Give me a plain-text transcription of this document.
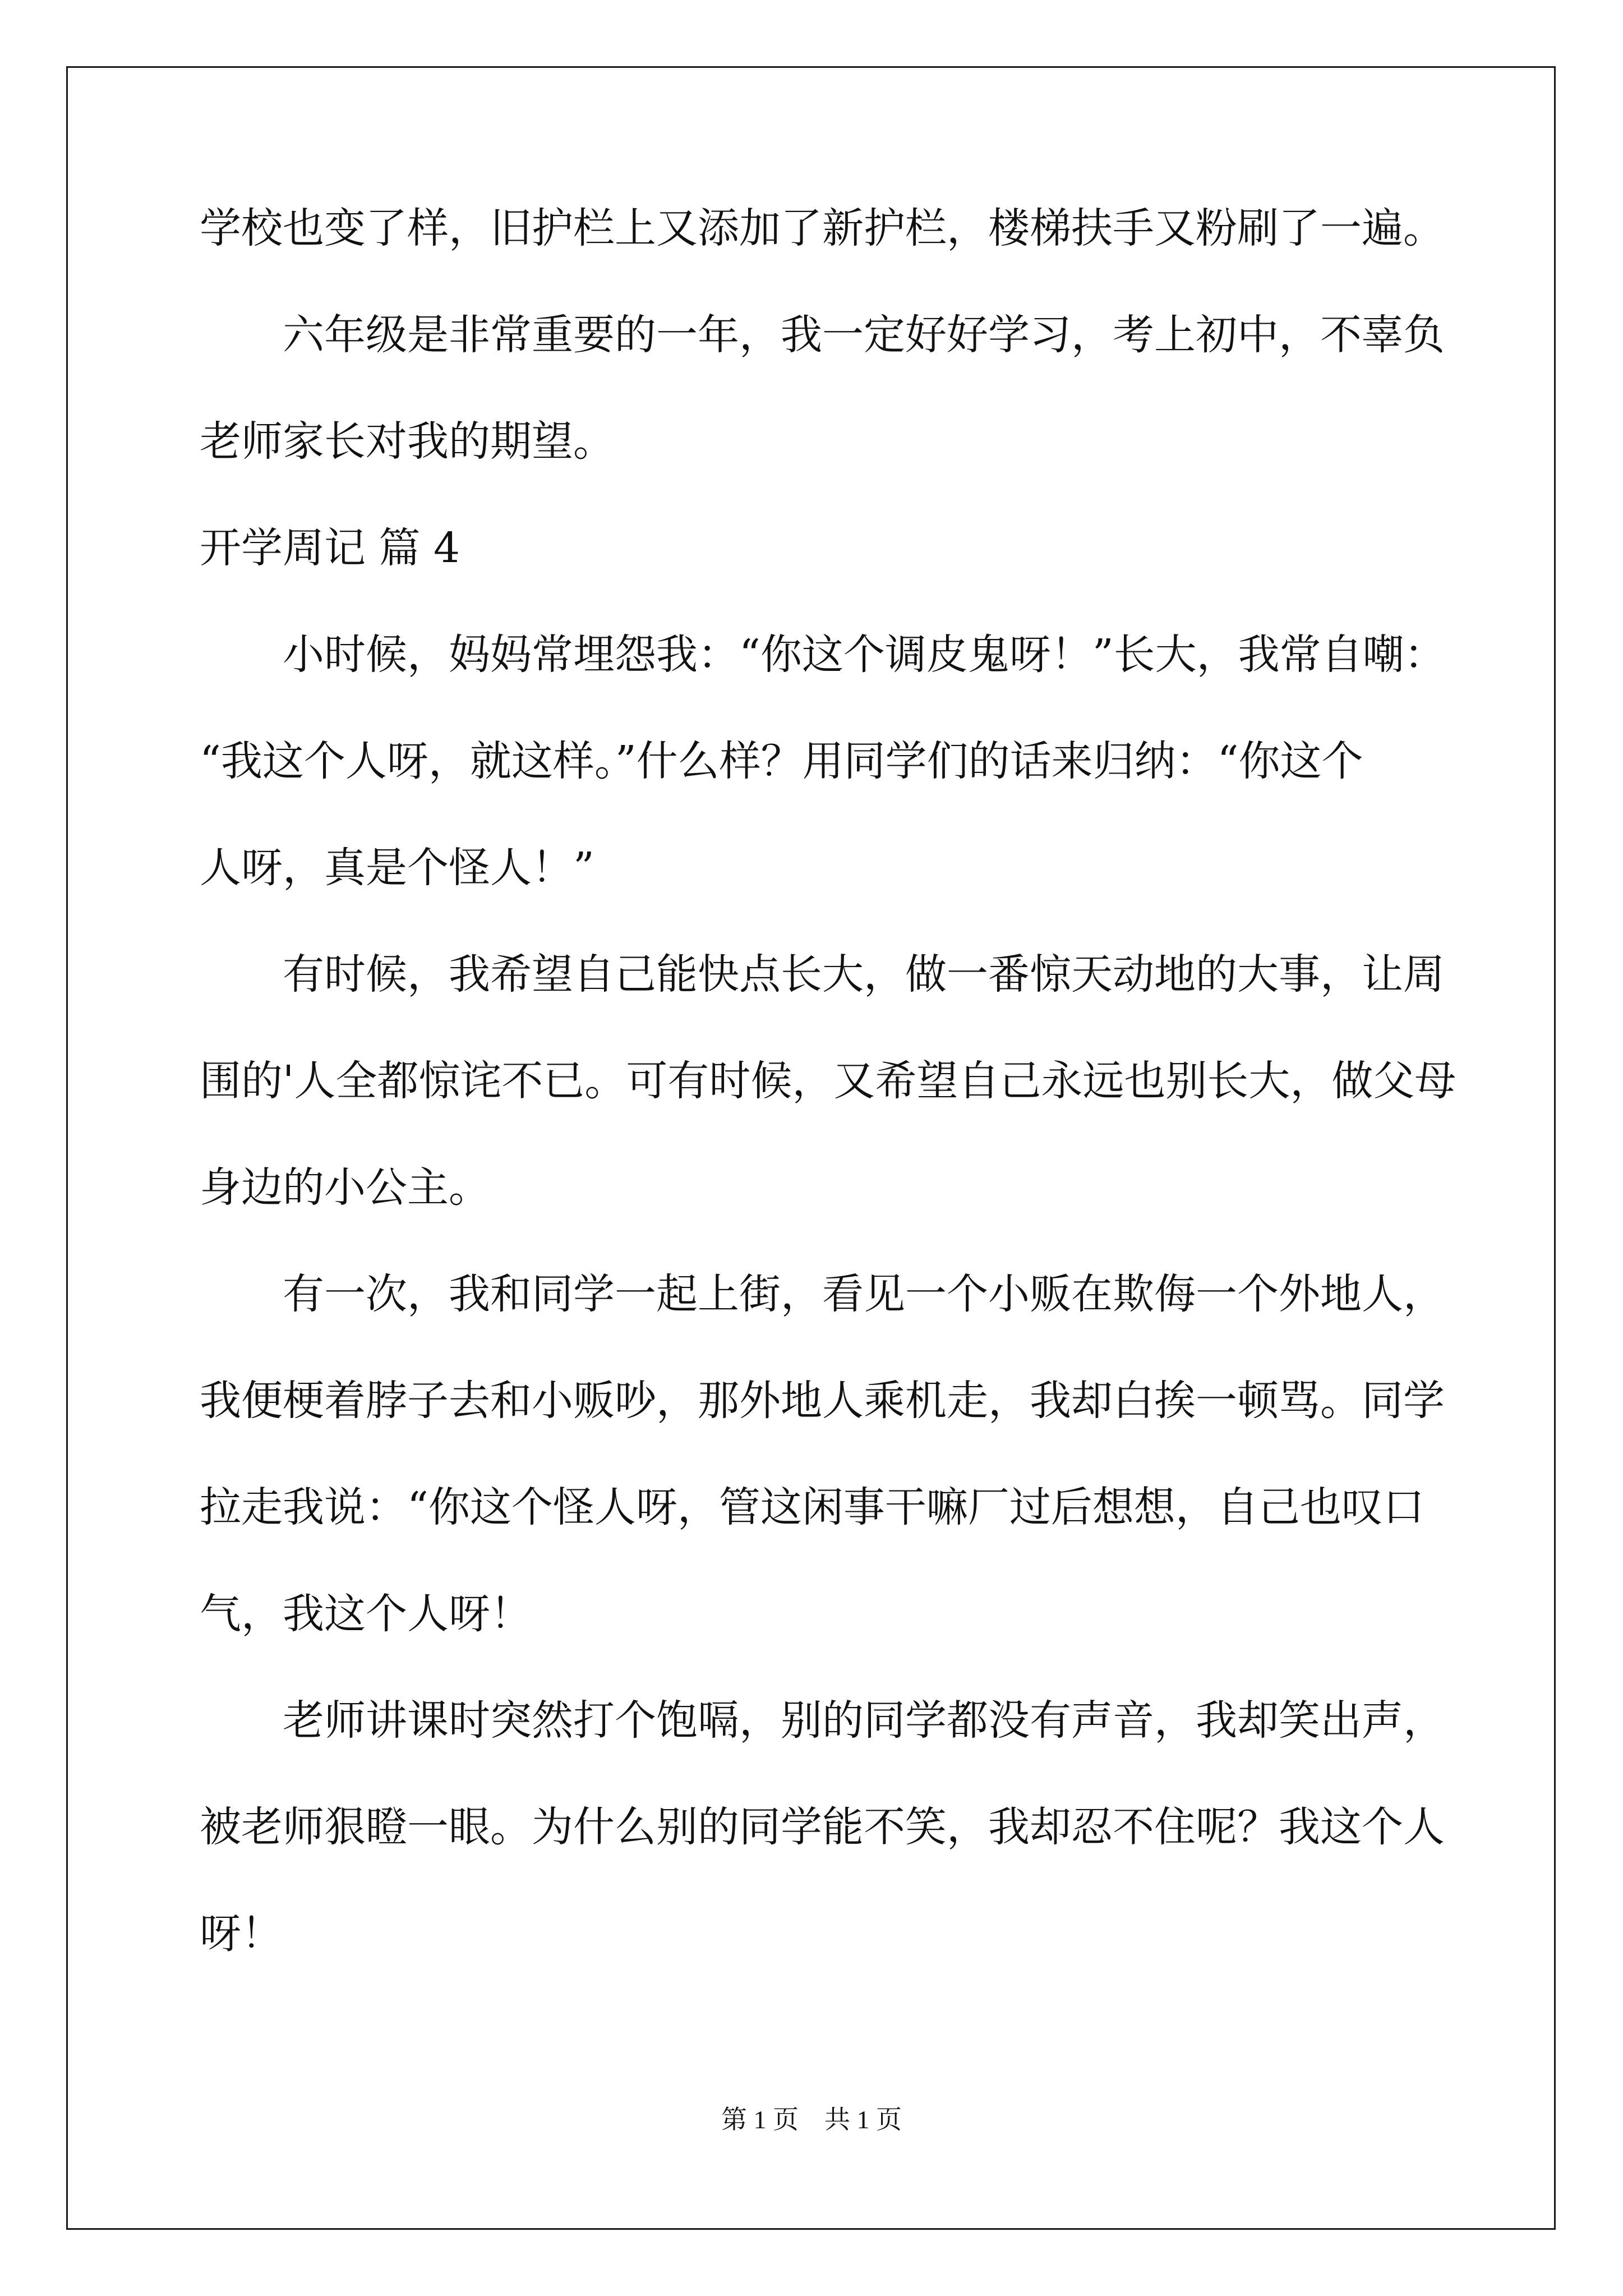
学校也变了样，旧护栏上又添加了新护栏，楼梯扶手又粉刷了一遍。
六年级是非常重要的一年，我一定好好学习，考上初中，不辜负
老师家长对我的期望。
开学周记 篇 4
小时候，妈妈常埋怨我：“你这个调皮鬼呀！”长大，我常自嘲：
“我这个人呀，就这样。”什么样？用同学们的话来归纳：“你这个
人呀，真是个怪人！”
有时候，我希望自己能快点长大，做一番惊天动地的大事，让周
围的'人全都惊诧不已。可有时候，又希望自己永远也别长大，做父母
身边的小公主。
有一次，我和同学一起上街，看见一个小贩在欺侮一个外地人，
我便梗着脖子去和小贩吵，那外地人乘机走，我却白挨一顿骂。同学
拉走我说：“你这个怪人呀，管这闲事干嘛厂过后想想，自己也叹口
气，我这个人呀！
老师讲课时突然打个饱嗝，别的同学都没有声音，我却笑出声，
被老师狠瞪一眼。为什么别的同学能不笑，我却忍不住呢？我这个人
呀！
第 1 页　共 1 页
